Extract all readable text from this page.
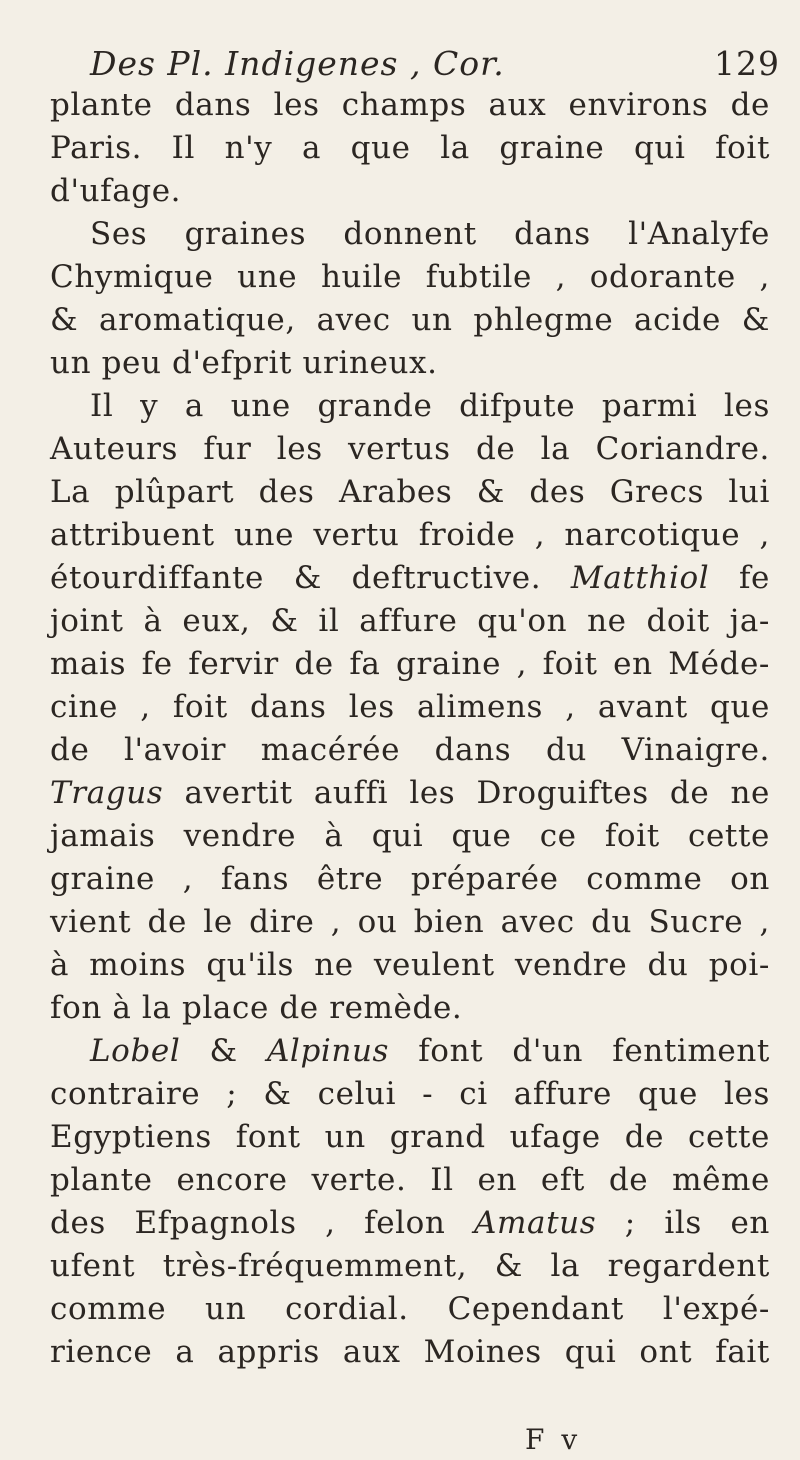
Des Pl. Indigenes , Cor.	129
plante dans les champs aux environs de
Paris. Il n'y a que la graine qui foit
d'ufage.
Ses graines donnent dans l'Analyfe
Chymique une huile fubtile , odorante ,
& aromatique, avec un phlegme acide &
un peu d'efprit urineux.
Il y a une grande difpute parmi les
Auteurs fur les vertus de la Coriandre.
La plûpart des Arabes & des Grecs lui
attribuent une vertu froide , narcotique ,
étourdiffante & deftructive. Matthiol fe
joint à eux, & il affure qu'on ne doit ja-
mais fe fervir de fa graine , foit en Méde-
cine , foit dans les alimens , avant que
de l'avoir macérée dans du Vinaigre.
Tragus avertit auffi les Droguiftes de ne
jamais vendre à qui que ce foit cette
graine , fans être préparée comme on
vient de le dire , ou bien avec du Sucre ,
à moins qu'ils ne veulent vendre du poi-
fon à la place de remède.
Lobel & Alpinus font d'un fentiment
contraire ; & celui - ci affure que les
Egyptiens font un grand ufage de cette
plante encore verte. Il en eft de même
des Efpagnols , felon Amatus ; ils en
ufent très-fréquemment, & la regardent
comme un cordial. Cependant l'expé-
rience a appris aux Moines qui ont fait
F v
